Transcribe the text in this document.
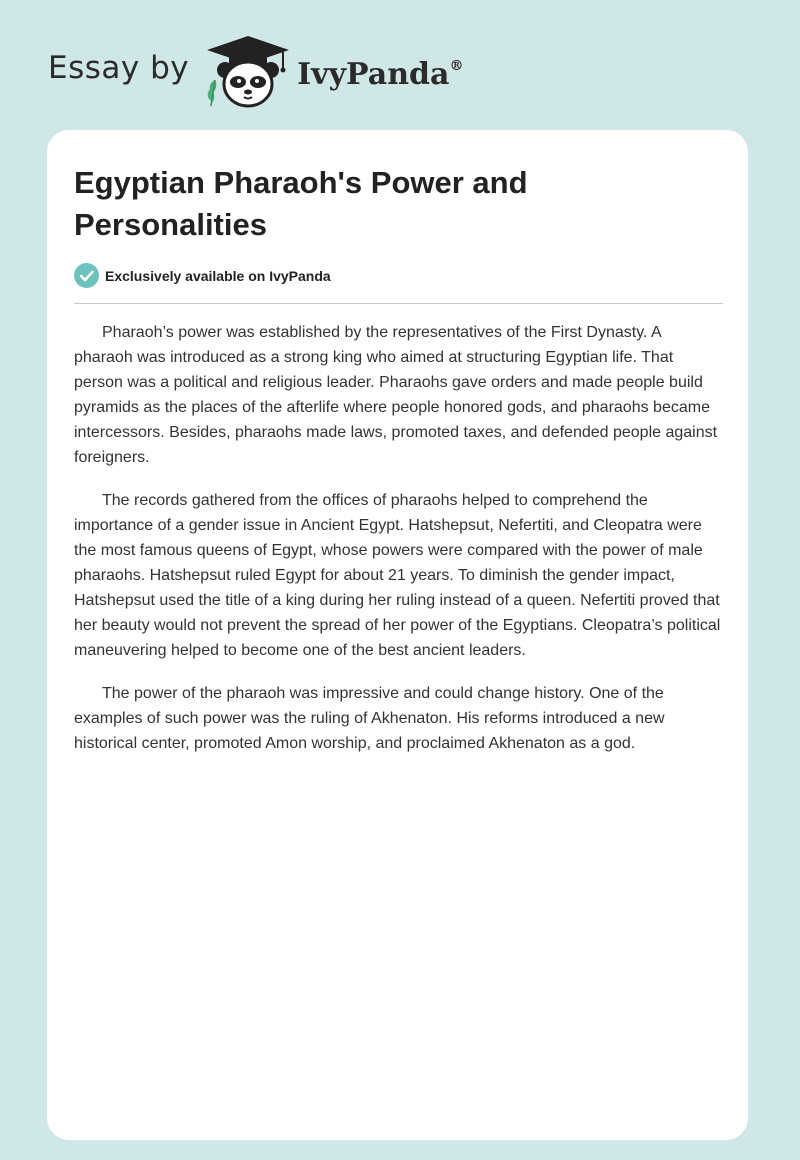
Essay by	IvyPanda®
Egyptian Pharaoh's Power and Personalities
Exclusively available on IvyPanda

Pharaoh’s power was established by the representatives of the First Dynasty. A pharaoh was introduced as a strong king who aimed at structuring Egyptian life. That person was a political and religious leader. Pharaohs gave orders and made people build pyramids as the places of the afterlife where people honored gods, and pharaohs became intercessors. Besides, pharaohs made laws, promoted taxes, and defended people against foreigners.

The records gathered from the offices of pharaohs helped to comprehend the importance of a gender issue in Ancient Egypt. Hatshepsut, Nefertiti, and Cleopatra were the most famous queens of Egypt, whose powers were compared with the power of male pharaohs. Hatshepsut ruled Egypt for about 21 years. To diminish the gender impact, Hatshepsut used the title of a king during her ruling instead of a queen. Nefertiti proved that her beauty would not prevent the spread of her power of the Egyptians. Cleopatra’s political maneuvering helped to become one of the best ancient leaders.

The power of the pharaoh was impressive and could change history. One of the examples of such power was the ruling of Akhenaton. His reforms introduced a new historical center, promoted Amon worship, and proclaimed Akhenaton as a god.
